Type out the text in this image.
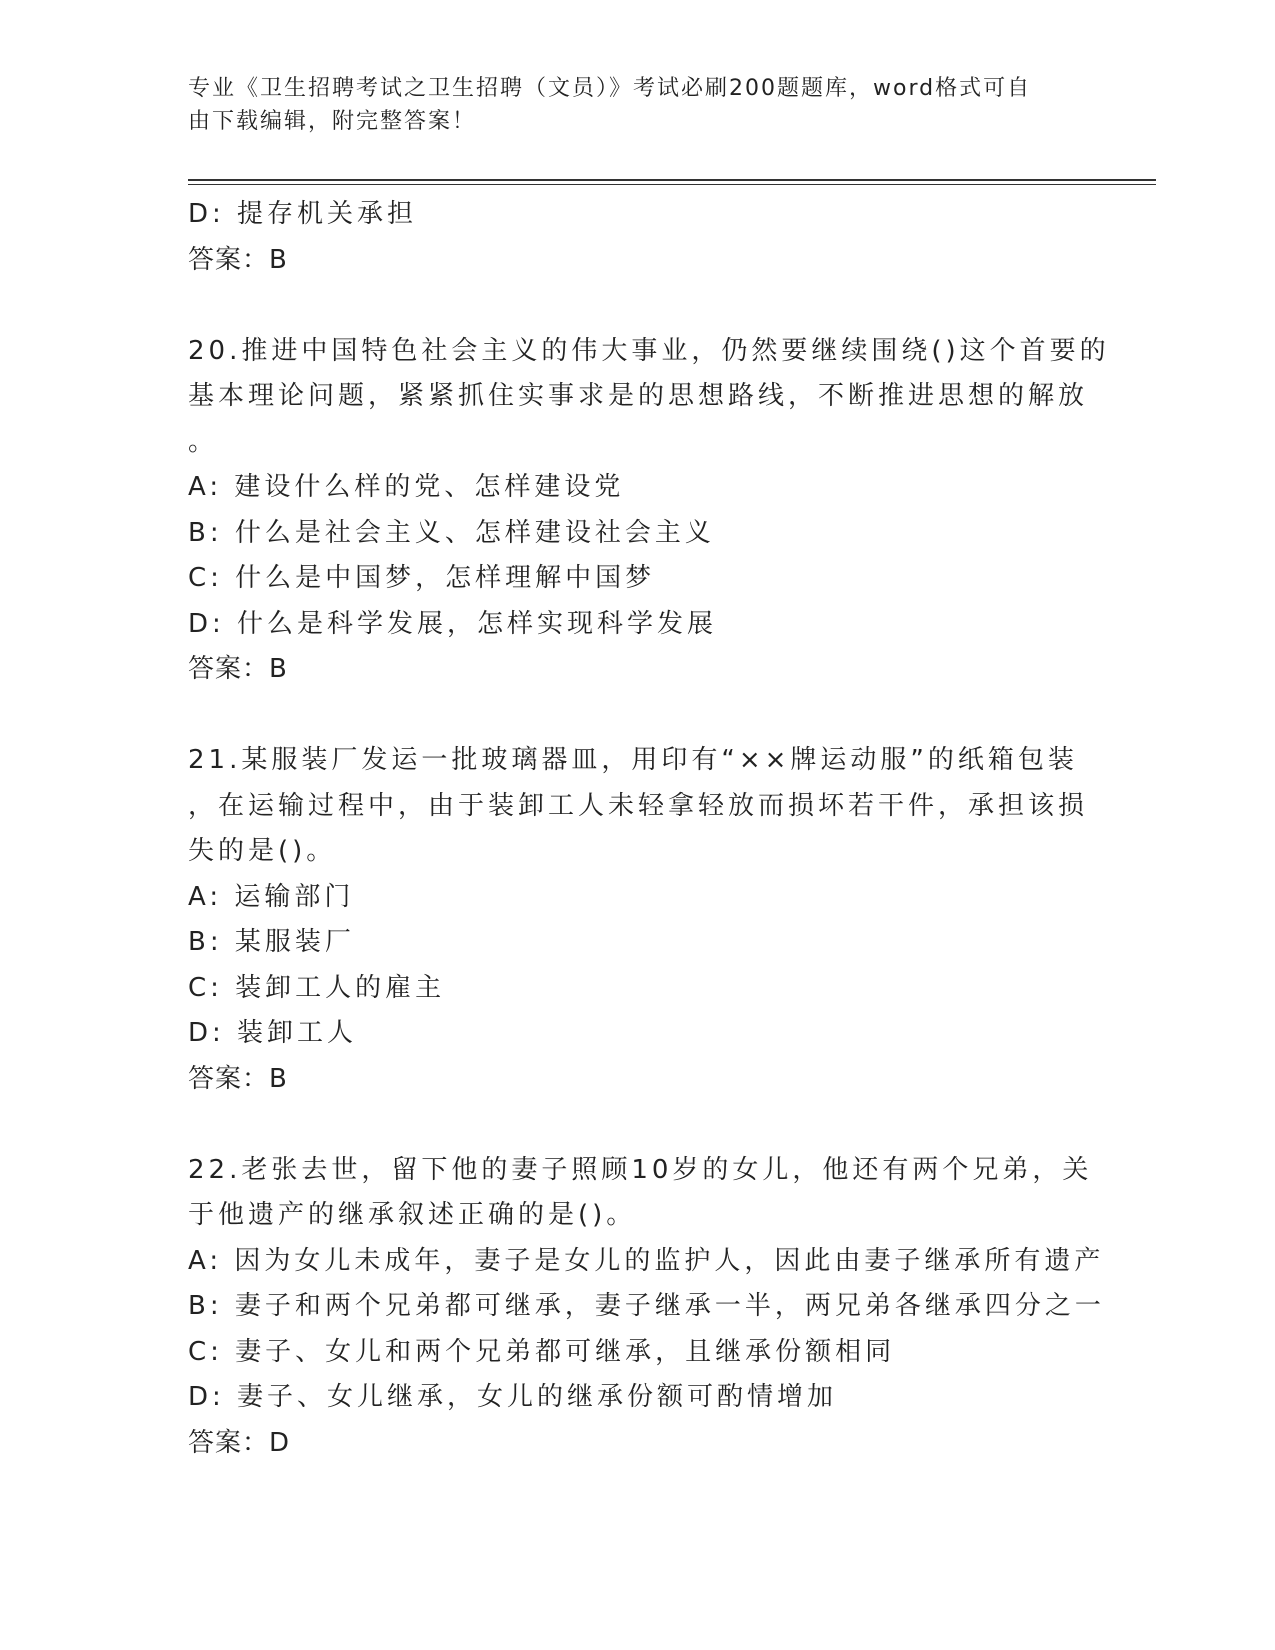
专业《卫生招聘考试之卫生招聘（文员）》考试必刷200题题库，word格式可自
由下载编辑，附完整答案！
D: 提存机关承担
答案：B
20.推进中国特色社会主义的伟大事业，仍然要继续围绕()这个首要的
基本理论问题，紧紧抓住实事求是的思想路线，不断推进思想的解放
。
A: 建设什么样的党、怎样建设党
B: 什么是社会主义、怎样建设社会主义
C: 什么是中国梦，怎样理解中国梦
D: 什么是科学发展，怎样实现科学发展
答案：B
21.某服装厂发运一批玻璃器皿，用印有“××牌运动服”的纸箱包装
，在运输过程中，由于装卸工人未轻拿轻放而损坏若干件，承担该损
失的是()。
A: 运输部门
B: 某服装厂
C: 装卸工人的雇主
D: 装卸工人
答案：B
22.老张去世，留下他的妻子照顾10岁的女儿，他还有两个兄弟，关
于他遗产的继承叙述正确的是()。
A: 因为女儿未成年，妻子是女儿的监护人，因此由妻子继承所有遗产
B: 妻子和两个兄弟都可继承，妻子继承一半，两兄弟各继承四分之一
C: 妻子、女儿和两个兄弟都可继承，且继承份额相同
D: 妻子、女儿继承，女儿的继承份额可酌情增加
答案：D
